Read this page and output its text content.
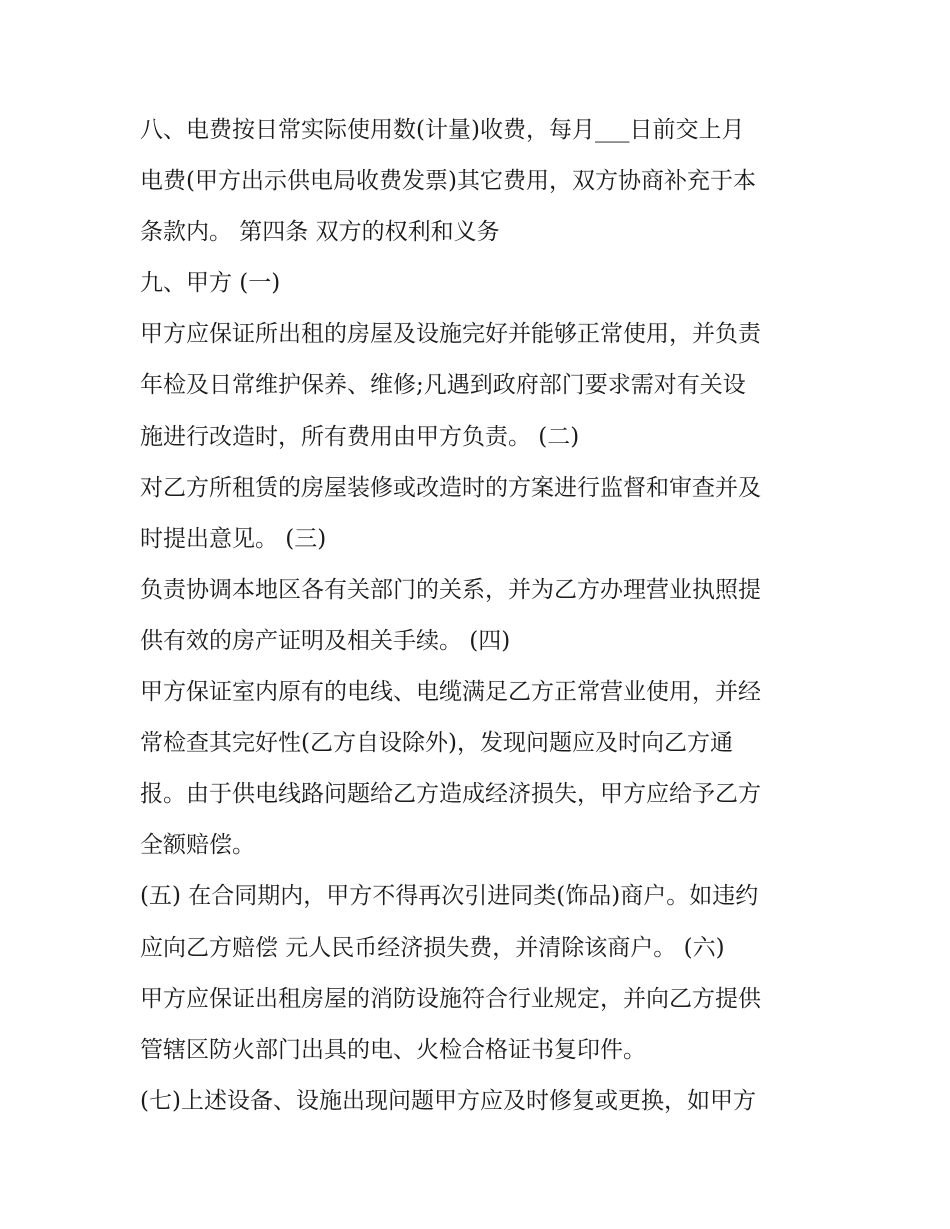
八、电费按日常实际使用数(计量)收费，每月___日前交上月
电费(甲方出示供电局收费发票)其它费用，双方协商补充于本
条款内。 第四条 双方的权利和义务
九、甲方 (一)
甲方应保证所出租的房屋及设施完好并能够正常使用，并负责
年检及日常维护保养、维修;凡遇到政府部门要求需对有关设
施进行改造时，所有费用由甲方负责。 (二)
对乙方所租赁的房屋装修或改造时的方案进行监督和审查并及
时提出意见。 (三)
负责协调本地区各有关部门的关系，并为乙方办理营业执照提
供有效的房产证明及相关手续。 (四)
甲方保证室内原有的电线、电缆满足乙方正常营业使用，并经
常检查其完好性(乙方自设除外)，发现问题应及时向乙方通
报。由于供电线路问题给乙方造成经济损失，甲方应给予乙方
全额赔偿。
(五) 在合同期内，甲方不得再次引进同类(饰品)商户。如违约
应向乙方赔偿 元人民币经济损失费，并清除该商户。 (六)
甲方应保证出租房屋的消防设施符合行业规定，并向乙方提供
管辖区防火部门出具的电、火检合格证书复印件。
(七)上述设备、设施出现问题甲方应及时修复或更换，如甲方
